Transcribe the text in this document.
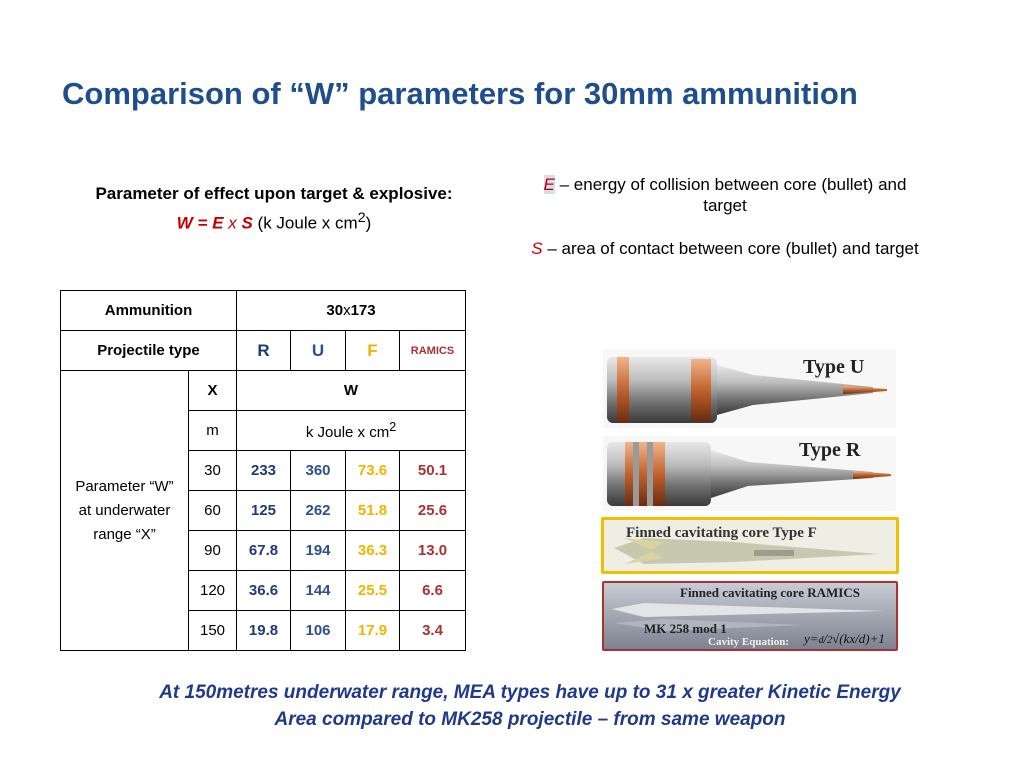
Comparison of “W” parameters for 30mm ammunition
Parameter of effect upon target & explosive:
W = E x S (k Joule x $cm^2$)
E – energy of collision between core (bullet) and target
S – area of contact between core (bullet) and target
Ammunition		30x173			
Projectile type		R	U	F	RAMICS
Parameter “W” at underwater range “X”	X	W			
	m	k Joule x $cm^2$
	30	233	360	73.6	50.1
	60	125	262	51.8	25.6
	90	67.8	194	36.3	13.0
	120	36.6	144	25.5	6.6
	150	19.8	106	17.9	3.4
Type U
Type R
Finned cavitating core Type F
Finned cavitating core RAMICS
MK 258 mod 1
Cavity Equation: y=d/2√(kx/d)+1
At 150metres underwater range, MEA types have up to 31 x greater Kinetic Energy
Area compared to MK258 projectile – from same weapon
